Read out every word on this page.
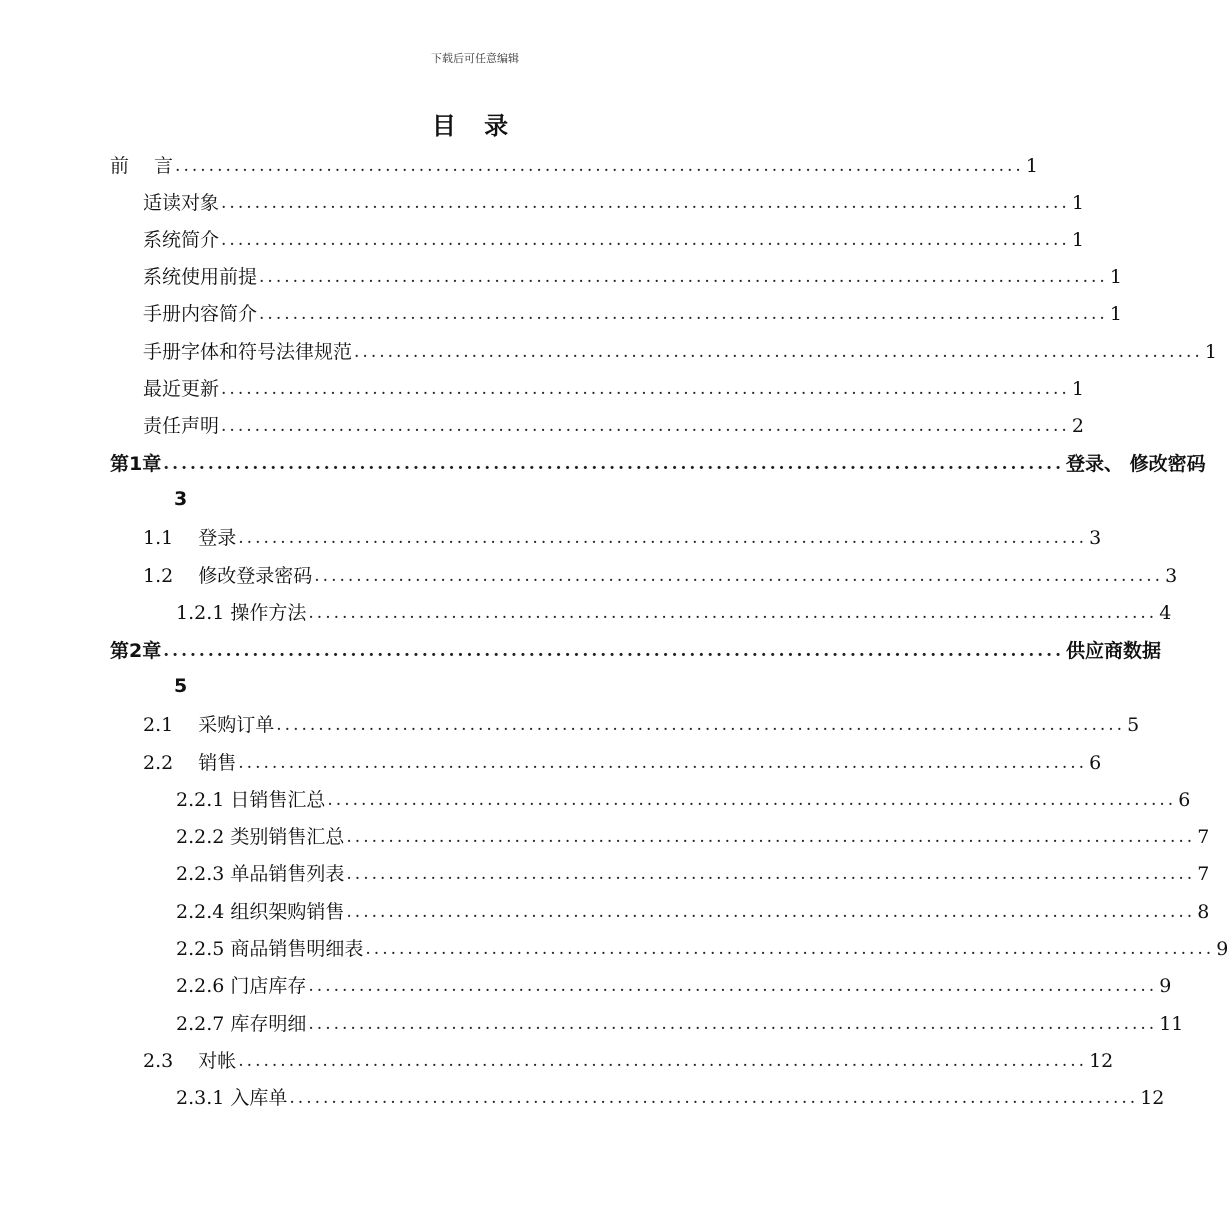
下载后可任意编辑
目 录
前　 言 ..................................................................................................... 1
适读对象 ..................................................................................................... 1
系统简介 ..................................................................................................... 1
系统使用前提 ..................................................................................................... 1
手册内容简介 ..................................................................................................... 1
手册字体和符号法律规范 ..................................................................................................... 1
最近更新 ..................................................................................................... 1
责任声明 ..................................................................................................... 2
第1章 ..................................................................................................... 登录、 修改密码
3
1.1　 登录 ..................................................................................................... 3
1.2　 修改登录密码 ..................................................................................................... 3
1.2.1 操作方法 ..................................................................................................... 4
第2章 ..................................................................................................... 供应商数据
5
2.1　 采购订单 ..................................................................................................... 5
2.2　 销售 ..................................................................................................... 6
2.2.1 日销售汇总 ..................................................................................................... 6
2.2.2 类别销售汇总 ..................................................................................................... 7
2.2.3 单品销售列表 ..................................................................................................... 7
2.2.4 组织架购销售 ..................................................................................................... 8
2.2.5 商品销售明细表 ..................................................................................................... 9
2.2.6 门店库存 ..................................................................................................... 9
2.2.7 库存明细 ..................................................................................................... 11
2.3　 对帐 ..................................................................................................... 12
2.3.1 入库单 ..................................................................................................... 12
